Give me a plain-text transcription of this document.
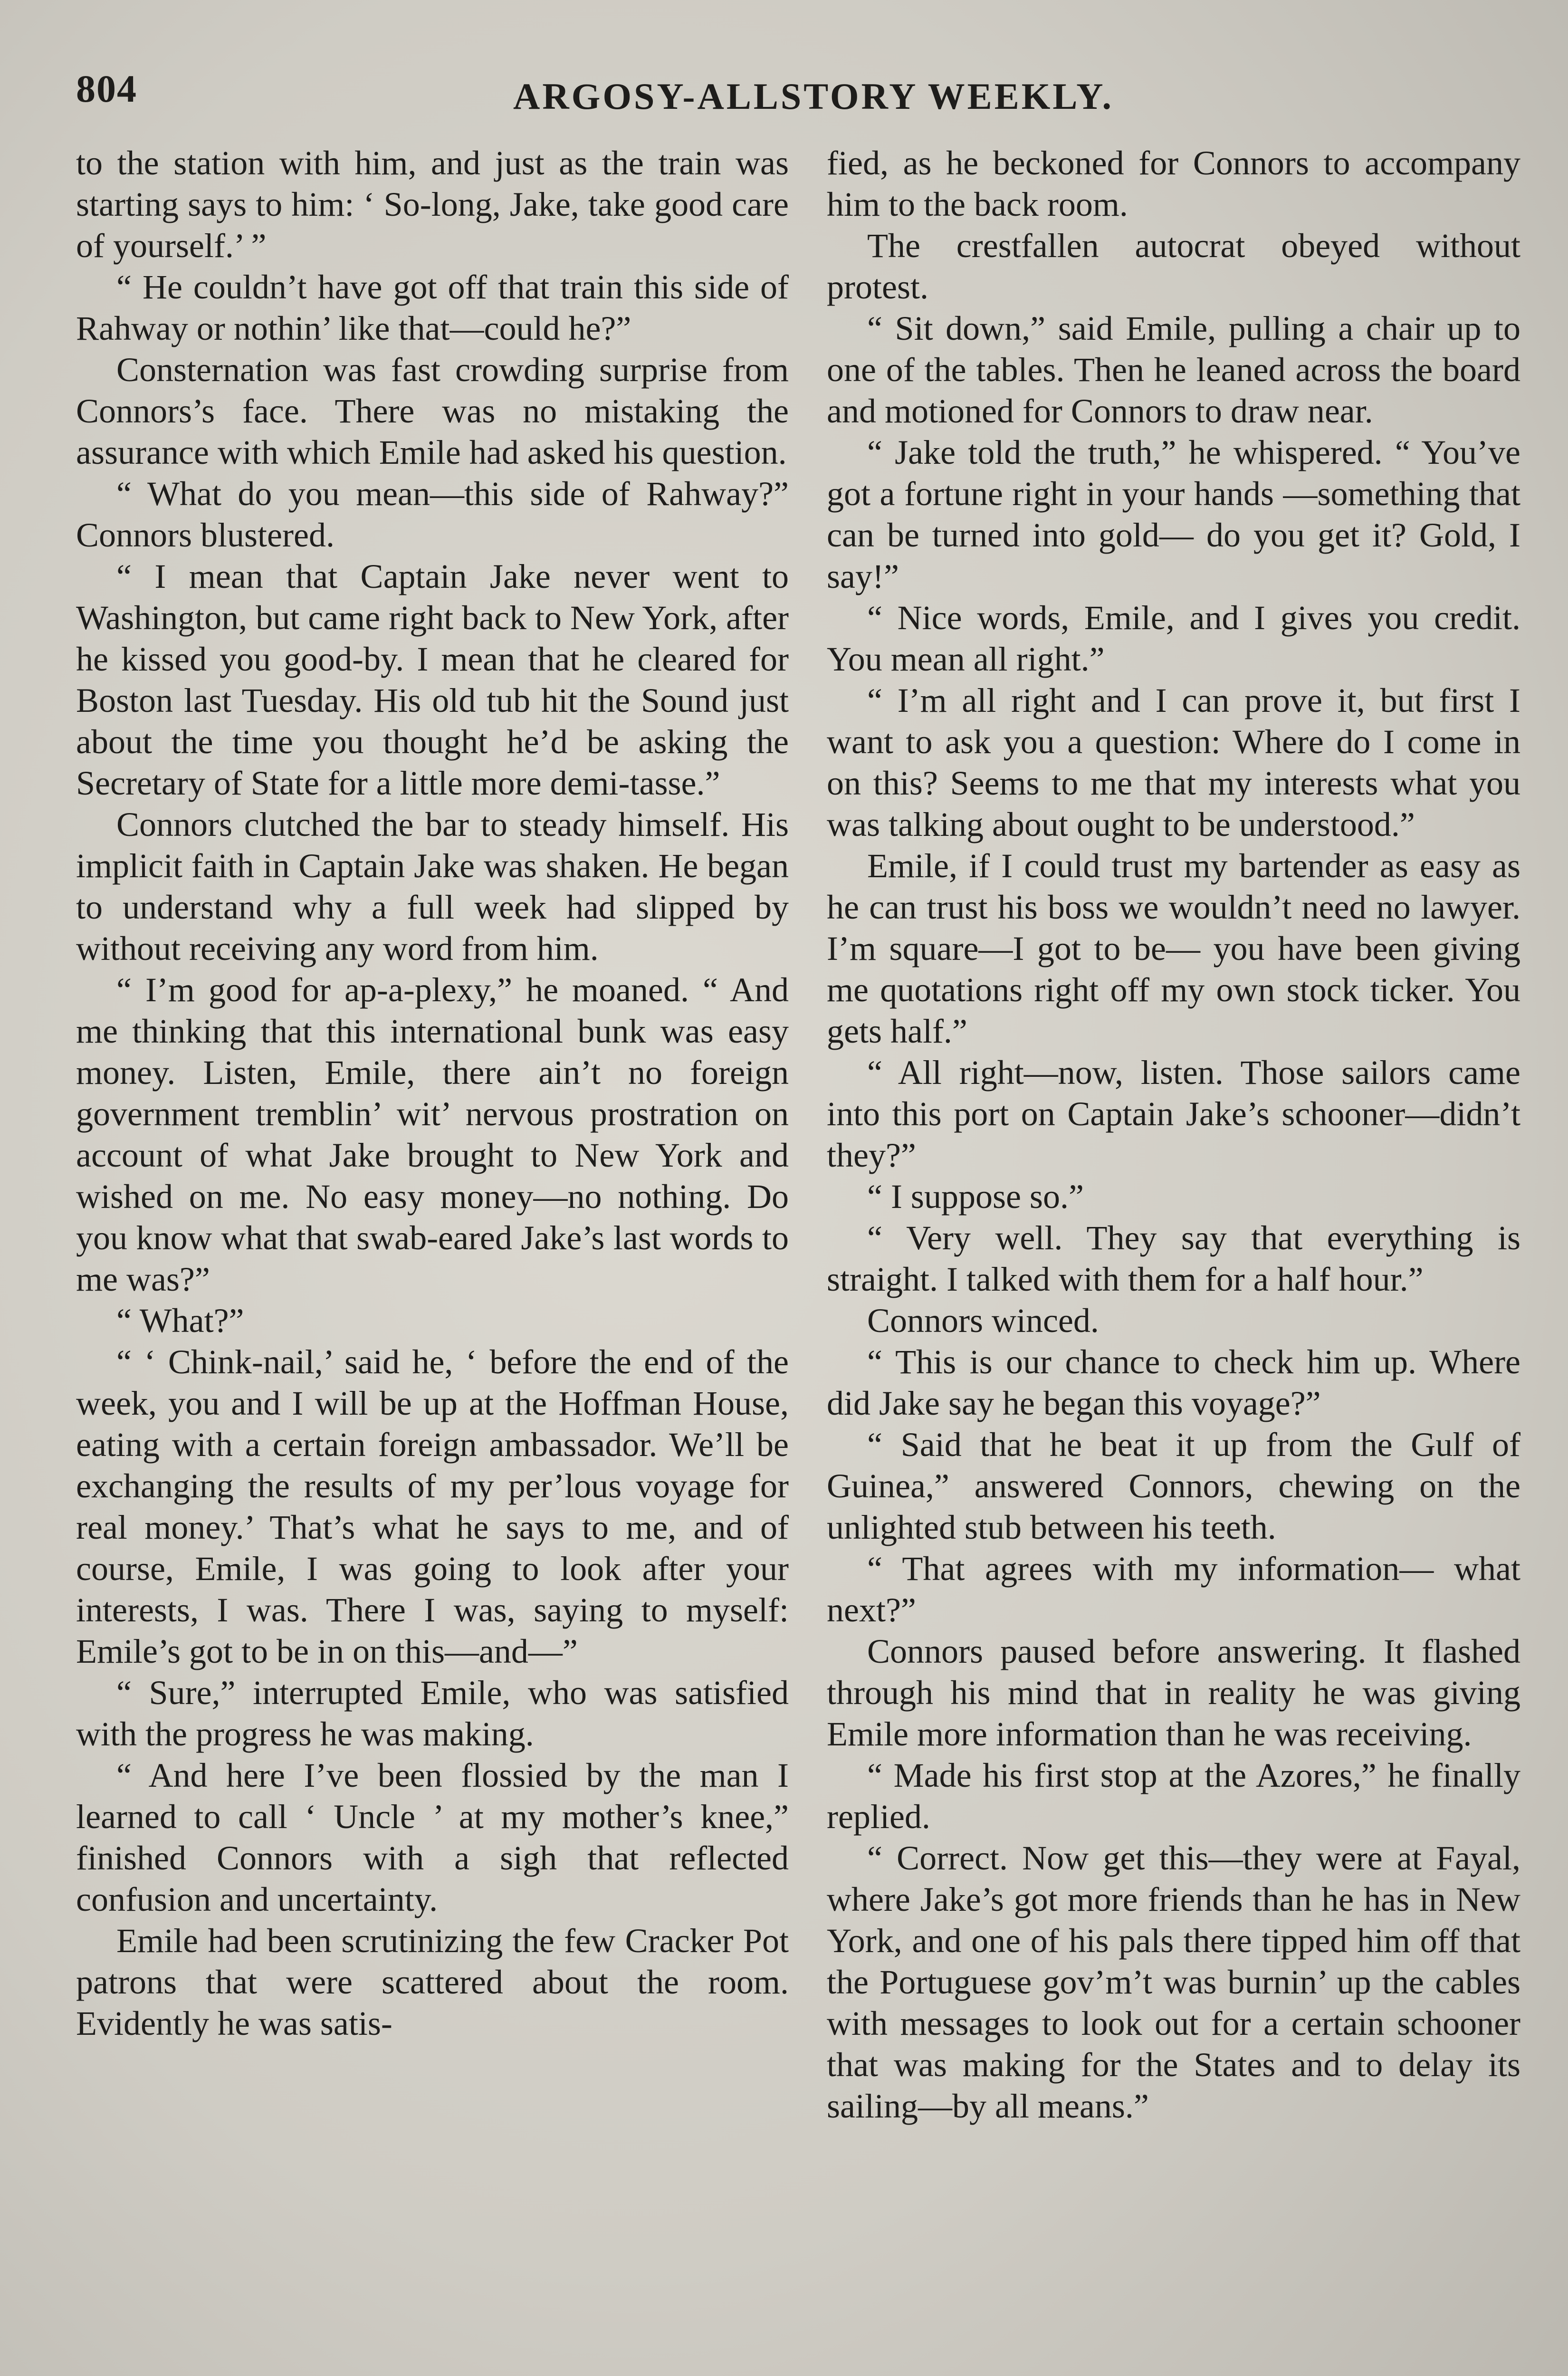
804	ARGOSY-ALLSTORY WEEKLY.

to the station with him, and just as the train was starting says to him: ‘ So-long, Jake, take good care of yourself.’ ”

“ He couldn’t have got off that train this side of Rahway or nothin’ like that—could he?”

Consternation was fast crowding surprise from Connors’s face. There was no mistaking the assurance with which Emile had asked his question.

“ What do you mean—this side of Rahway?” Connors blustered.

“ I mean that Captain Jake never went to Washington, but came right back to New York, after he kissed you good-by. I mean that he cleared for Boston last Tuesday. His old tub hit the Sound just about the time you thought he’d be asking the Secretary of State for a little more demi-tasse.”

Connors clutched the bar to steady himself. His implicit faith in Captain Jake was shaken. He began to understand why a full week had slipped by without receiving any word from him.

“ I’m good for ap-a-plexy,” he moaned. “ And me thinking that this international bunk was easy money. Listen, Emile, there ain’t no foreign government tremblin’ wit’ nervous prostration on account of what Jake brought to New York and wished on me. No easy money—no nothing. Do you know what that swab-eared Jake’s last words to me was?”

“ What?”

“ ‘ Chink-nail,’ said he, ‘ before the end of the week, you and I will be up at the Hoffman House, eating with a certain foreign ambassador. We’ll be exchanging the results of my per’lous voyage for real money.’ That’s what he says to me, and of course, Emile, I was going to look after your interests, I was. There I was, saying to myself: Emile’s got to be in on this—and—”

“ Sure,” interrupted Emile, who was satisfied with the progress he was making.

“ And here I’ve been flossied by the man I learned to call ‘ Uncle ’ at my mother’s knee,” finished Connors with a sigh that reflected confusion and uncertainty.

Emile had been scrutinizing the few Cracker Pot patrons that were scattered about the room. Evidently he was satis-

fied, as he beckoned for Connors to accompany him to the back room.

The crestfallen autocrat obeyed without protest.

“ Sit down,” said Emile, pulling a chair up to one of the tables. Then he leaned across the board and motioned for Connors to draw near.

“ Jake told the truth,” he whispered. “ You’ve got a fortune right in your hands —something that can be turned into gold— do you get it? Gold, I say!”

“ Nice words, Emile, and I gives you credit. You mean all right.”

“ I’m all right and I can prove it, but first I want to ask you a question: Where do I come in on this? Seems to me that my interests what you was talking about ought to be understood.”

Emile, if I could trust my bartender as easy as he can trust his boss we wouldn’t need no lawyer. I’m square—I got to be— you have been giving me quotations right off my own stock ticker. You gets half.”

“ All right—now, listen. Those sailors came into this port on Captain Jake’s schooner—didn’t they?”

“ I suppose so.”

“ Very well. They say that everything is straight. I talked with them for a half hour.”

Connors winced.

“ This is our chance to check him up. Where did Jake say he began this voyage?”

“ Said that he beat it up from the Gulf of Guinea,” answered Connors, chewing on the unlighted stub between his teeth.

“ That agrees with my information— what next?”

Connors paused before answering. It flashed through his mind that in reality he was giving Emile more information than he was receiving.

“ Made his first stop at the Azores,” he finally replied.

“ Correct. Now get this—they were at Fayal, where Jake’s got more friends than he has in New York, and one of his pals there tipped him off that the Portuguese gov’m’t was burnin’ up the cables with messages to look out for a certain schooner that was making for the States and to delay its sailing—by all means.”
